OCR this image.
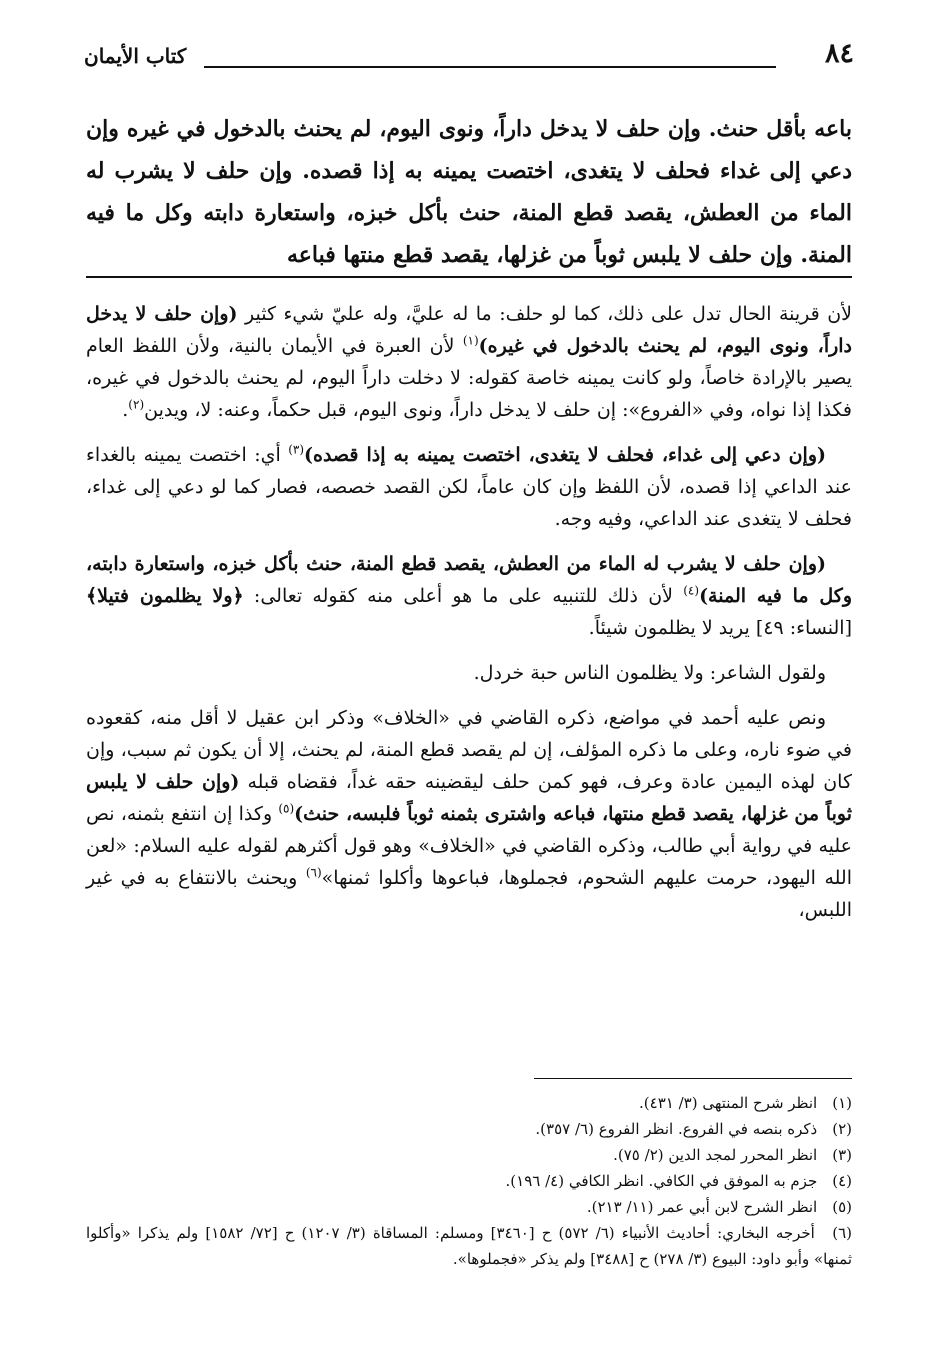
٨٤
كتاب الأيمان
باعه بأقل حنث. وإن حلف لا يدخل داراً، ونوى اليوم، لم يحنث بالدخول في غيره وإن دعي إلى غداء فحلف لا يتغدى، اختصت يمينه به إذا قصده. وإن حلف لا يشرب له الماء من العطش، يقصد قطع المنة، حنث بأكل خبزه، واستعارة دابته وكل ما فيه المنة. وإن حلف لا يلبس ثوباً من غزلها، يقصد قطع منتها فباعه

لأن قرينة الحال تدل على ذلك، كما لو حلف: ما له عليَّ، وله عليّ شيء كثير (وإن حلف لا يدخل داراً، ونوى اليوم، لم يحنث بالدخول في غيره)$^{(١)}$ لأن العبرة في الأيمان بالنية، ولأن اللفظ العام يصير بالإرادة خاصاً، ولو كانت يمينه خاصة كقوله: لا دخلت داراً اليوم، لم يحنث بالدخول في غيره، فكذا إذا نواه، وفي «الفروع»: إن حلف لا يدخل داراً، ونوى اليوم، قبل حكماً، وعنه: لا، ويدين$^{(٢)}$.

(وإن دعي إلى غداء، فحلف لا يتغدى، اختصت يمينه به إذا قصده)$^{(٣)}$ أي: اختصت يمينه بالغداء عند الداعي إذا قصده، لأن اللفظ وإن كان عاماً، لكن القصد خصصه، فصار كما لو دعي إلى غداء، فحلف لا يتغدى عند الداعي، وفيه وجه.

(وإن حلف لا يشرب له الماء من العطش، يقصد قطع المنة، حنث بأكل خبزه، واستعارة دابته، وكل ما فيه المنة)$^{(٤)}$ لأن ذلك للتنبيه على ما هو أعلى منه كقوله تعالى: ﴿ولا يظلمون فتيلا﴾ [النساء: ٤٩] يريد لا يظلمون شيئاً.

ولقول الشاعر: ولا يظلمون الناس حبة خردل.

ونص عليه أحمد في مواضع، ذكره القاضي في «الخلاف» وذكر ابن عقيل لا أقل منه، كقعوده في ضوء ناره، وعلى ما ذكره المؤلف، إن لم يقصد قطع المنة، لم يحنث، إلا أن يكون ثم سبب، وإن كان لهذه اليمين عادة وعرف، فهو كمن حلف ليقضينه حقه غداً، فقضاه قبله (وإن حلف لا يلبس ثوباً من غزلها، يقصد قطع منتها، فباعه واشترى بثمنه ثوباً فلبسه، حنث)$^{(٥)}$ وكذا إن انتفع بثمنه، نص عليه في رواية أبي طالب، وذكره القاضي في «الخلاف» وهو قول أكثرهم لقوله عليه السلام: «لعن الله اليهود، حرمت عليهم الشحوم، فجملوها، فباعوها وأكلوا ثمنها»$^{(٦)}$ ويحنث بالانتفاع به في غير اللبس،

(١) انظر شرح المنتهى (٣/ ٤٣١).

(٢) ذكره بنصه في الفروع. انظر الفروع (٦/ ٣٥٧).

(٣) انظر المحرر لمجد الدين (٢/ ٧٥).

(٤) جزم به الموفق في الكافي. انظر الكافي (٤/ ١٩٦).

(٥) انظر الشرح لابن أبي عمر (١١/ ٢١٣).

(٦) أخرجه البخاري: أحاديث الأنبياء (٦/ ٥٧٢) ح [٣٤٦٠] ومسلم: المساقاة (٣/ ١٢٠٧) ح [٧٢/ ١٥٨٢] ولم يذكرا «وأكلوا ثمنها» وأبو داود: البيوع (٣/ ٢٧٨) ح [٣٤٨٨] ولم يذكر «فجملوها».
